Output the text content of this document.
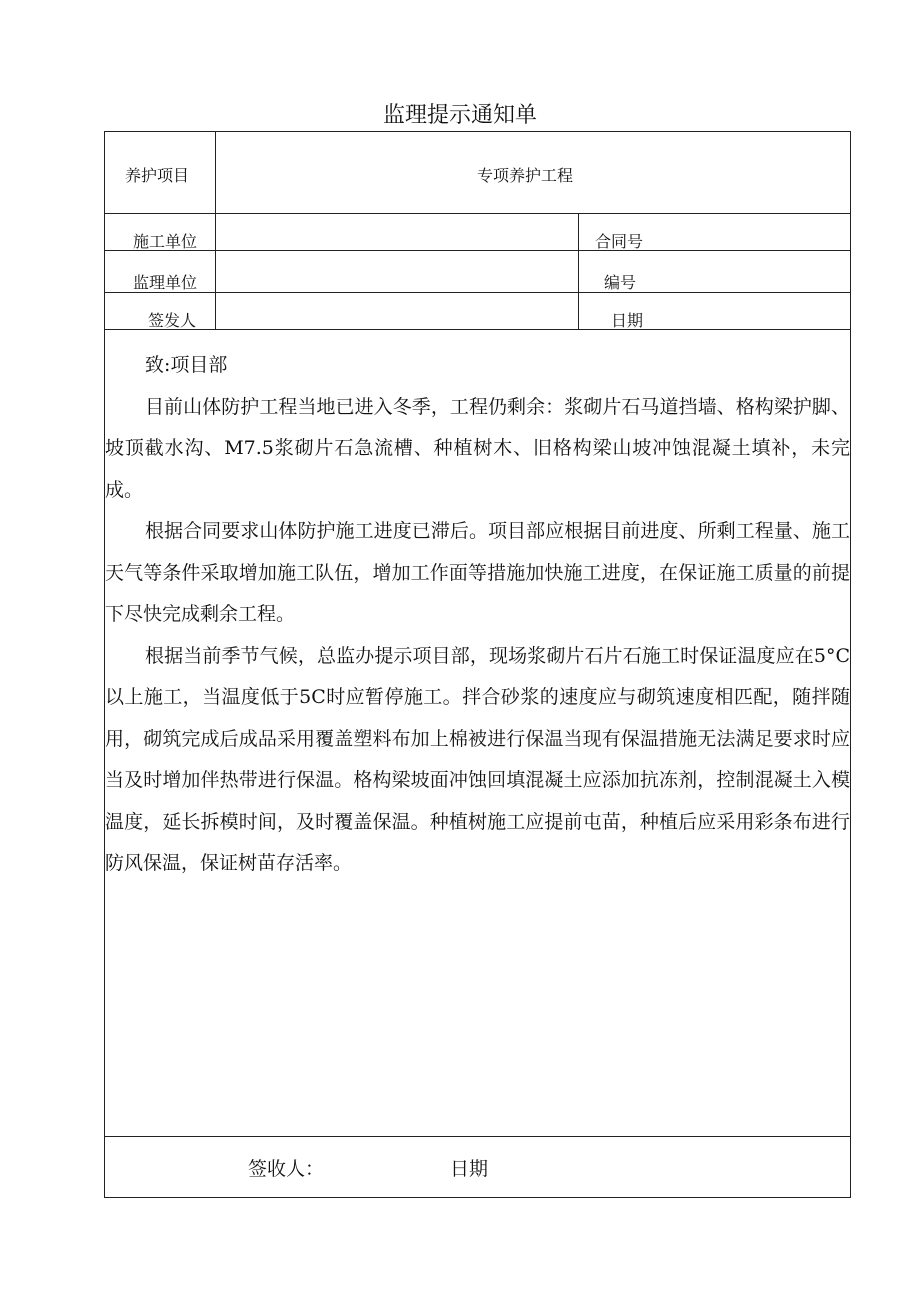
监理提示通知单
养护项目	专项养护工程
施工单位	合同号
监理单位	编号
签发人	日期

致:项目部

目前山体防护工程当地已进入冬季，工程仍剩余：浆砌片石马道挡墙、格构梁护脚、坡顶截水沟、M7.5浆砌片石急流槽、种植树木、旧格构梁山坡冲蚀混凝土填补，未完成。

根据合同要求山体防护施工进度已滞后。项目部应根据目前进度、所剩工程量、施工天气等条件采取增加施工队伍，增加工作面等措施加快施工进度，在保证施工质量的前提下尽快完成剩余工程。

根据当前季节气候，总监办提示项目部，现场浆砌片石片石施工时保证温度应在5°C以上施工，当温度低于5C时应暂停施工。拌合砂浆的速度应与砌筑速度相匹配，随拌随用，砌筑完成后成品采用覆盖塑料布加上棉被进行保温当现有保温措施无法满足要求时应当及时增加伴热带进行保温。格构梁坡面冲蚀回填混凝土应添加抗冻剂，控制混凝土入模温度，延长拆模时间，及时覆盖保温。种植树施工应提前屯苗，种植后应采用彩条布进行防风保温，保证树苗存活率。

签收人：	日期
